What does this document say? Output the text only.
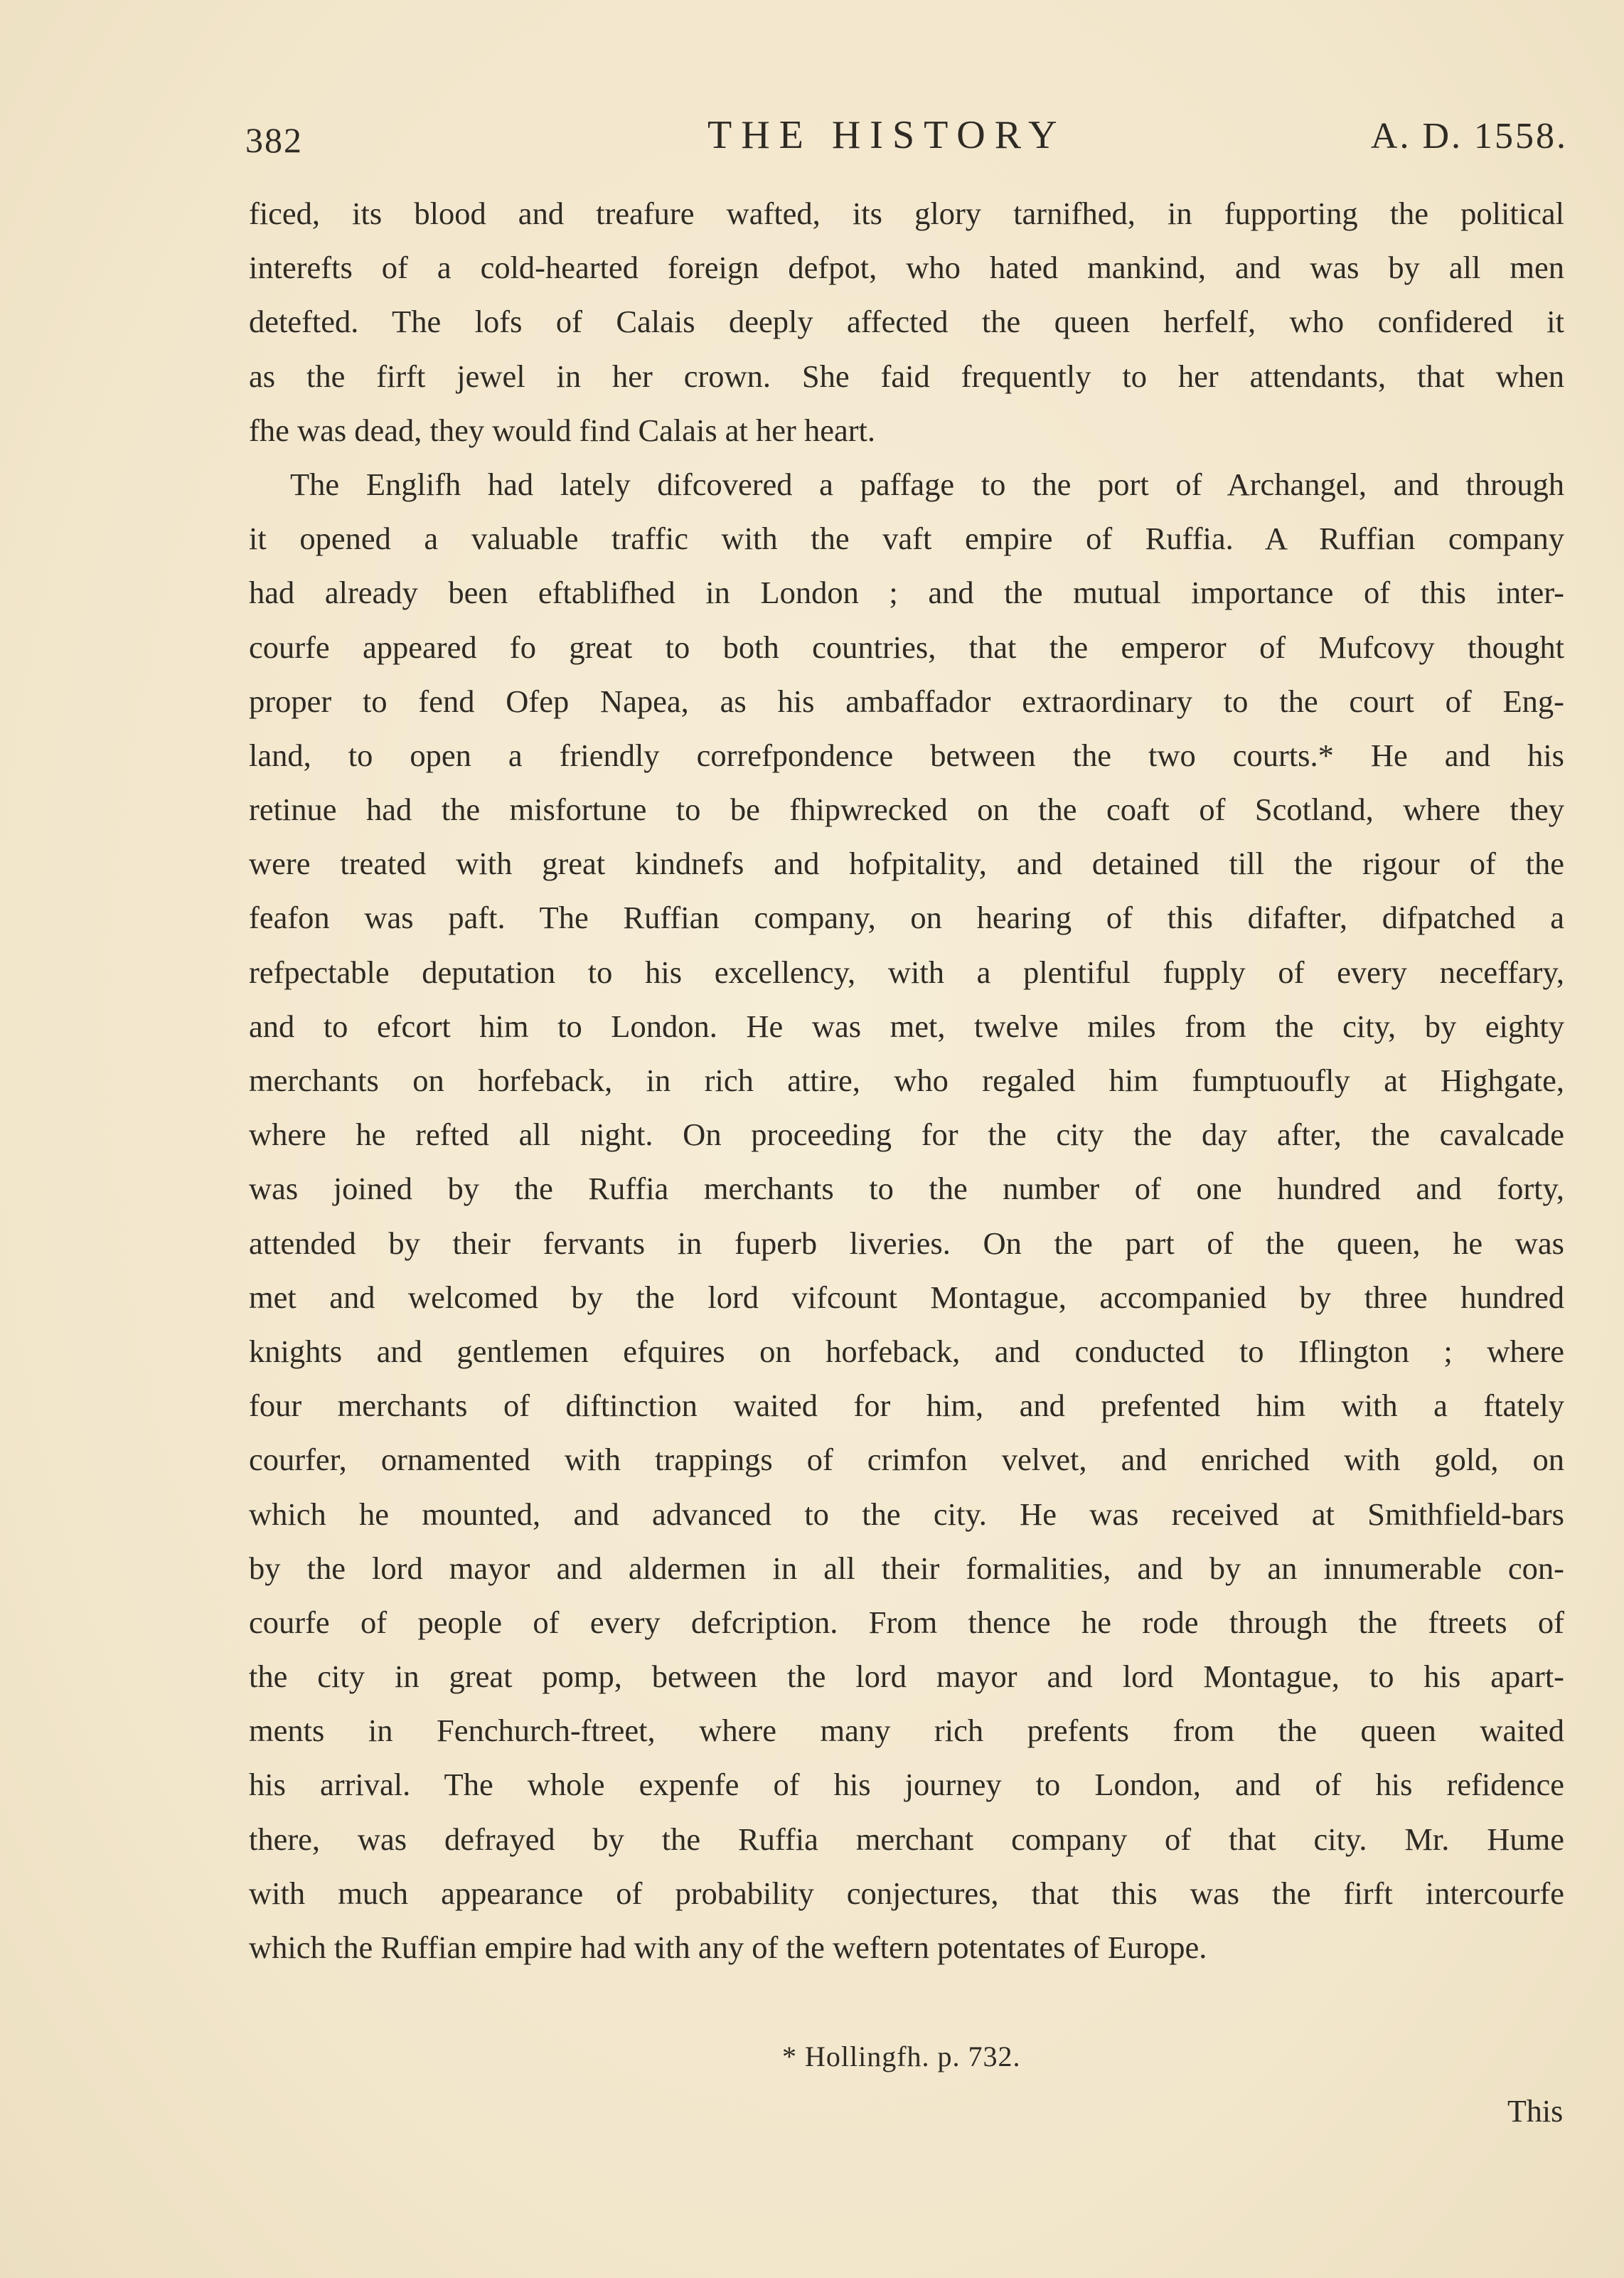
382	THE HISTORY	A. D. 1558.
ficed, its blood and treafure wafted, its glory tarnifhed, in fupporting the political
interefts of a cold-hearted foreign defpot, who hated mankind, and was by all men
detefted. The lofs of Calais deeply affected the queen herfelf, who confidered it
as the firft jewel in her crown. She faid frequently to her attendants, that when
fhe was dead, they would find Calais at her heart.
The Englifh had lately difcovered a paffage to the port of Archangel, and through
it opened a valuable traffic with the vaft empire of Ruffia. A Ruffian company
had already been eftablifhed in London ; and the mutual importance of this inter-
courfe appeared fo great to both countries, that the emperor of Mufcovy thought
proper to fend Ofep Napea, as his ambaffador extraordinary to the court of Eng-
land, to open a friendly correfpondence between the two courts.* He and his
retinue had the misfortune to be fhipwrecked on the coaft of Scotland, where they
were treated with great kindnefs and hofpitality, and detained till the rigour of the
feafon was paft. The Ruffian company, on hearing of this difafter, difpatched a
refpectable deputation to his excellency, with a plentiful fupply of every neceffary,
and to efcort him to London. He was met, twelve miles from the city, by eighty
merchants on horfeback, in rich attire, who regaled him fumptuoufly at Highgate,
where he refted all night. On proceeding for the city the day after, the cavalcade
was joined by the Ruffia merchants to the number of one hundred and forty,
attended by their fervants in fuperb liveries. On the part of the queen, he was
met and welcomed by the lord vifcount Montague, accompanied by three hundred
knights and gentlemen efquires on horfeback, and conducted to Iflington ; where
four merchants of diftinction waited for him, and prefented him with a ftately
courfer, ornamented with trappings of crimfon velvet, and enriched with gold, on
which he mounted, and advanced to the city. He was received at Smithfield-bars
by the lord mayor and aldermen in all their formalities, and by an innumerable con-
courfe of people of every defcription. From thence he rode through the ftreets of
the city in great pomp, between the lord mayor and lord Montague, to his apart-
ments in Fenchurch-ftreet, where many rich prefents from the queen waited
his arrival. The whole expenfe of his journey to London, and of his refidence
there, was defrayed by the Ruffia merchant company of that city. Mr. Hume
with much appearance of probability conjectures, that this was the firft intercourfe
which the Ruffian empire had with any of the weftern potentates of Europe.
* Hollingfh. p. 732.
This
